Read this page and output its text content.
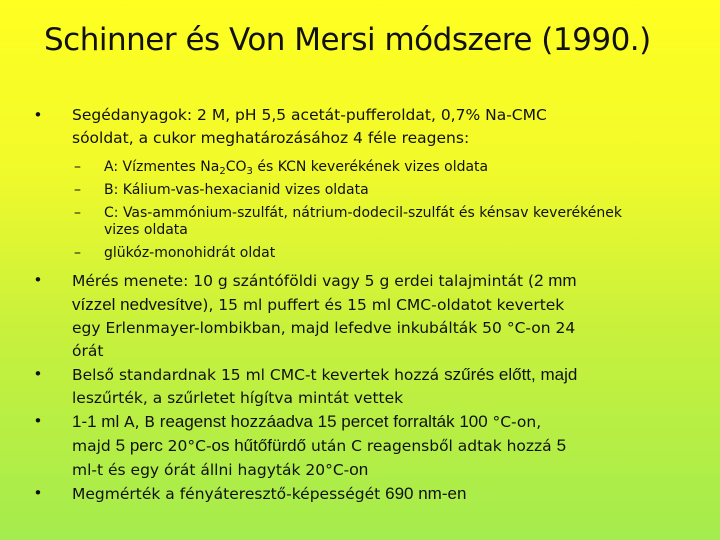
Schinner és Von Mersi módszere (1990.)
•	Segédanyagok: 2 M, pH 5,5 acetát-pufferoldat, 0,7% Na-CMC
sóoldat, a cukor meghatározásához 4 féle reagens:
– A: Vízmentes $Na_2CO_3$ és KCN keverékének vizes oldata
– B: Kálium-vas-hexacianid vizes oldata
– C: Vas-ammónium-szulfát, nátrium-dodecil-szulfát és kénsav keverékének
vizes oldata
– glükóz-monohidrát oldat
•	Mérés menete: 10 g szántóföldi vagy 5 g erdei talajmintát (2 mm
vízzel nedvesítve), 15 ml puffert és 15 ml CMC-oldatot kevertek
egy Erlenmayer-lombikban, majd lefedve inkubálták 50 °C-on 24
órát
•	Belső standardnak 15 ml CMC-t kevertek hozzá szűrés előtt, majd
leszűrték, a szűrletet hígítva mintát vettek
•	1-1 ml A, B reagenst hozzáadva 15 percet forralták 100 °C-on,
majd 5 perc 20°C-os hűtőfürdő után C reagensből adtak hozzá 5
ml-t és egy órát állni hagyták 20°C-on
•	Megmérték a fényáteresztő-képességét 690 nm-en
